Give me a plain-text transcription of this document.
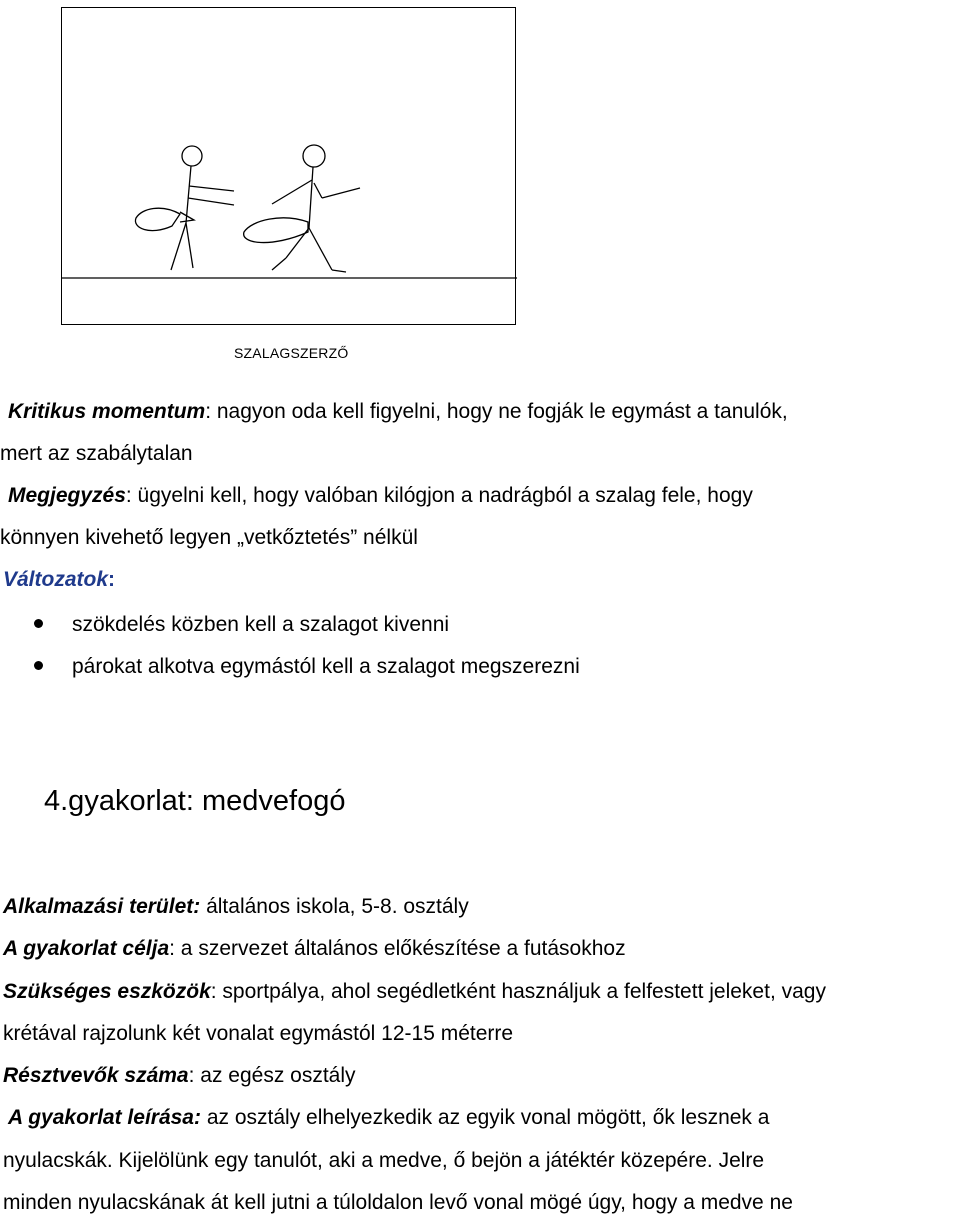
SZALAGSZERZŐ
Kritikus momentum: nagyon oda kell figyelni, hogy ne fogják le egymást a tanulók,
mert az szabálytalan
Megjegyzés: ügyelni kell, hogy valóban kilógjon a nadrágból a szalag fele, hogy
könnyen kivehető legyen „vetkőztetés” nélkül
Változatok:
szökdelés közben kell a szalagot kivenni
párokat alkotva egymástól kell a szalagot megszerezni
4.gyakorlat: medvefogó
Alkalmazási terület: általános iskola, 5-8. osztály
A gyakorlat célja: a szervezet általános előkészítése a futásokhoz
Szükséges eszközök: sportpálya, ahol segédletként használjuk a felfestett jeleket, vagy
krétával rajzolunk két vonalat egymástól 12-15 méterre
Résztvevők száma: az egész osztály
A gyakorlat leírása: az osztály elhelyezkedik az egyik vonal mögött, ők lesznek a
nyulacskák. Kijelölünk egy tanulót, aki a medve, ő bejön a játéktér közepére. Jelre
minden nyulacskának át kell jutni a túloldalon levő vonal mögé úgy, hogy a medve ne
